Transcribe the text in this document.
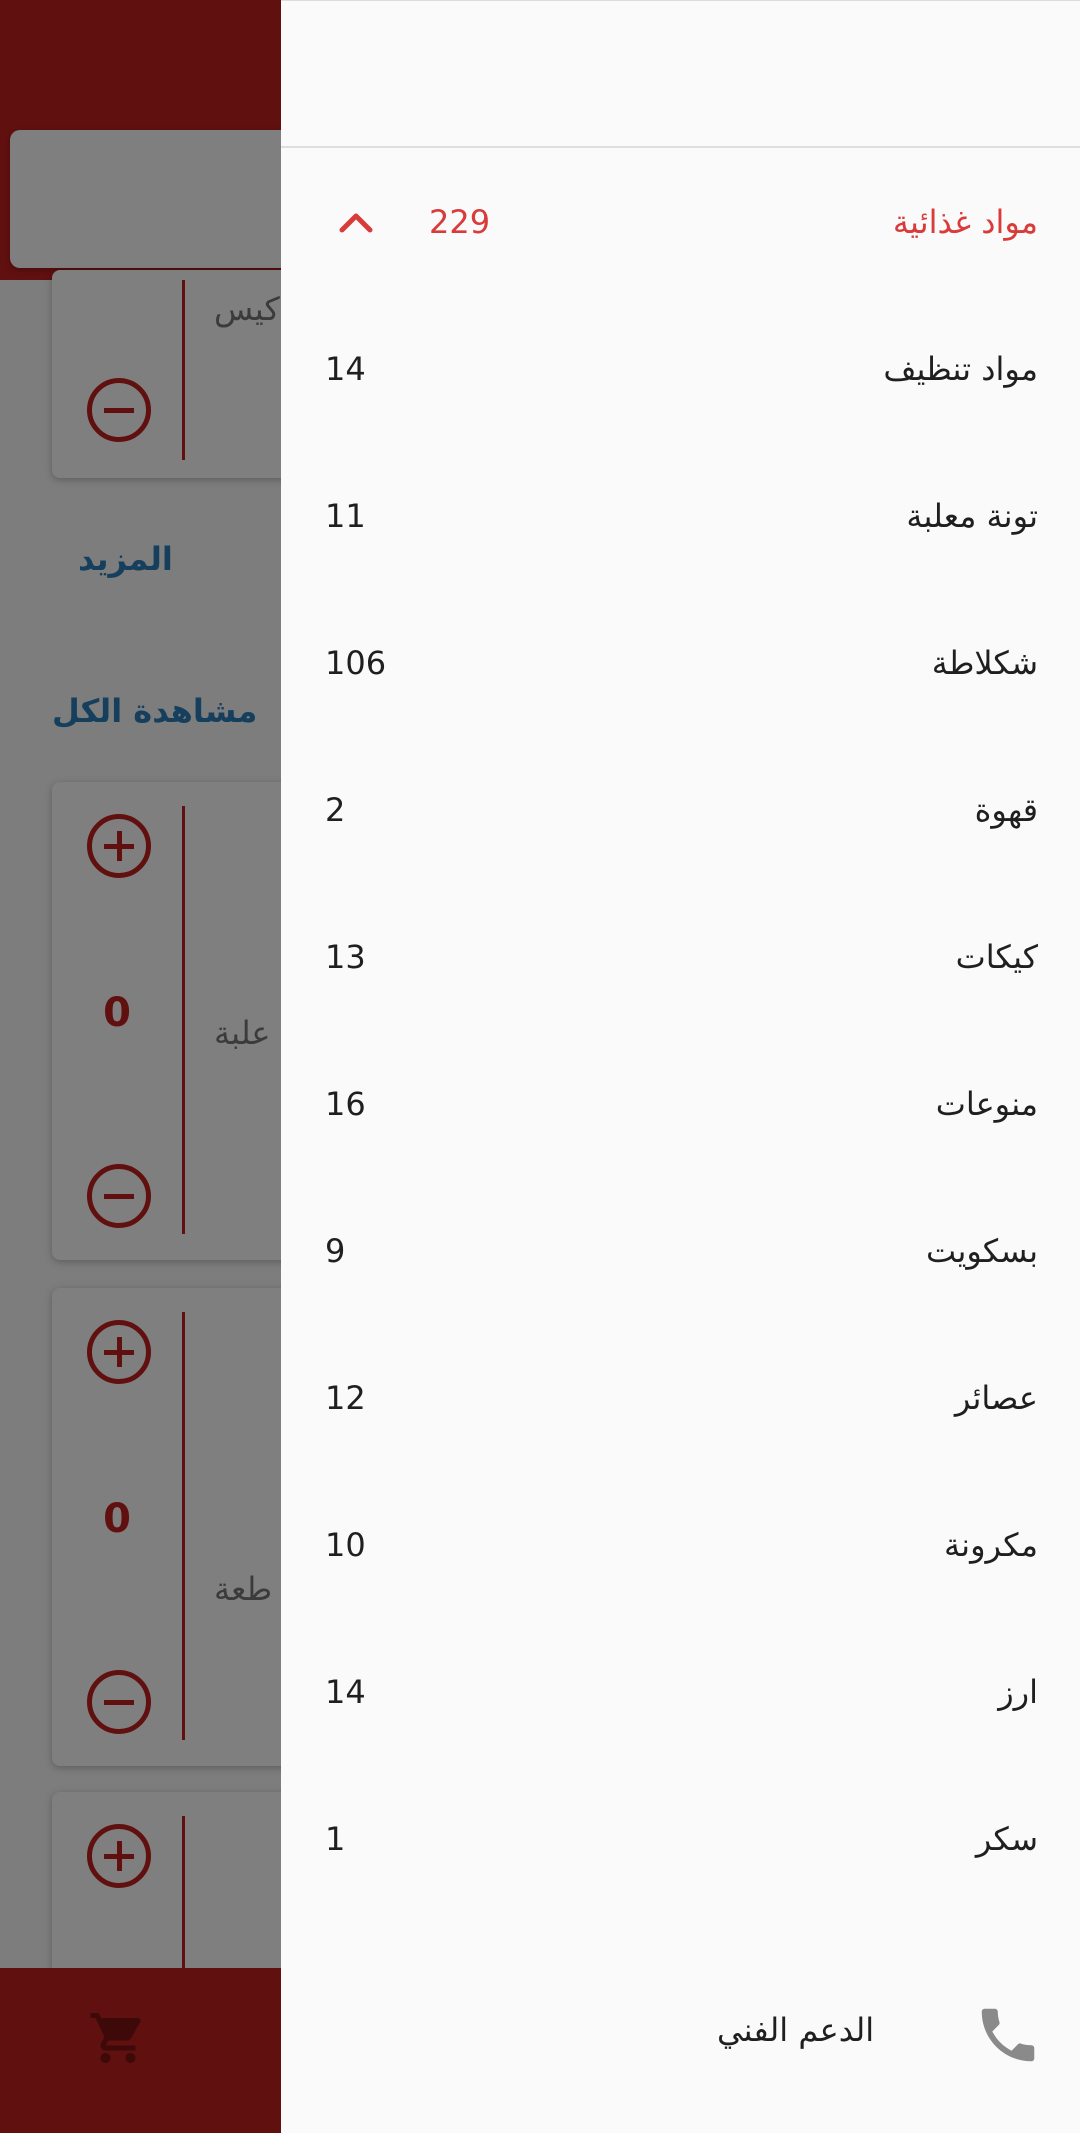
229	مواد غذائية
14	مواد تنظيف
11	تونة معلبة
106	شكلاطة
2	قهوة
13	كيكات
16	منوعات
9	بسكويت
12	عصائر
10	مكرونة
14	ارز
1	سكر
الدعم الفني
